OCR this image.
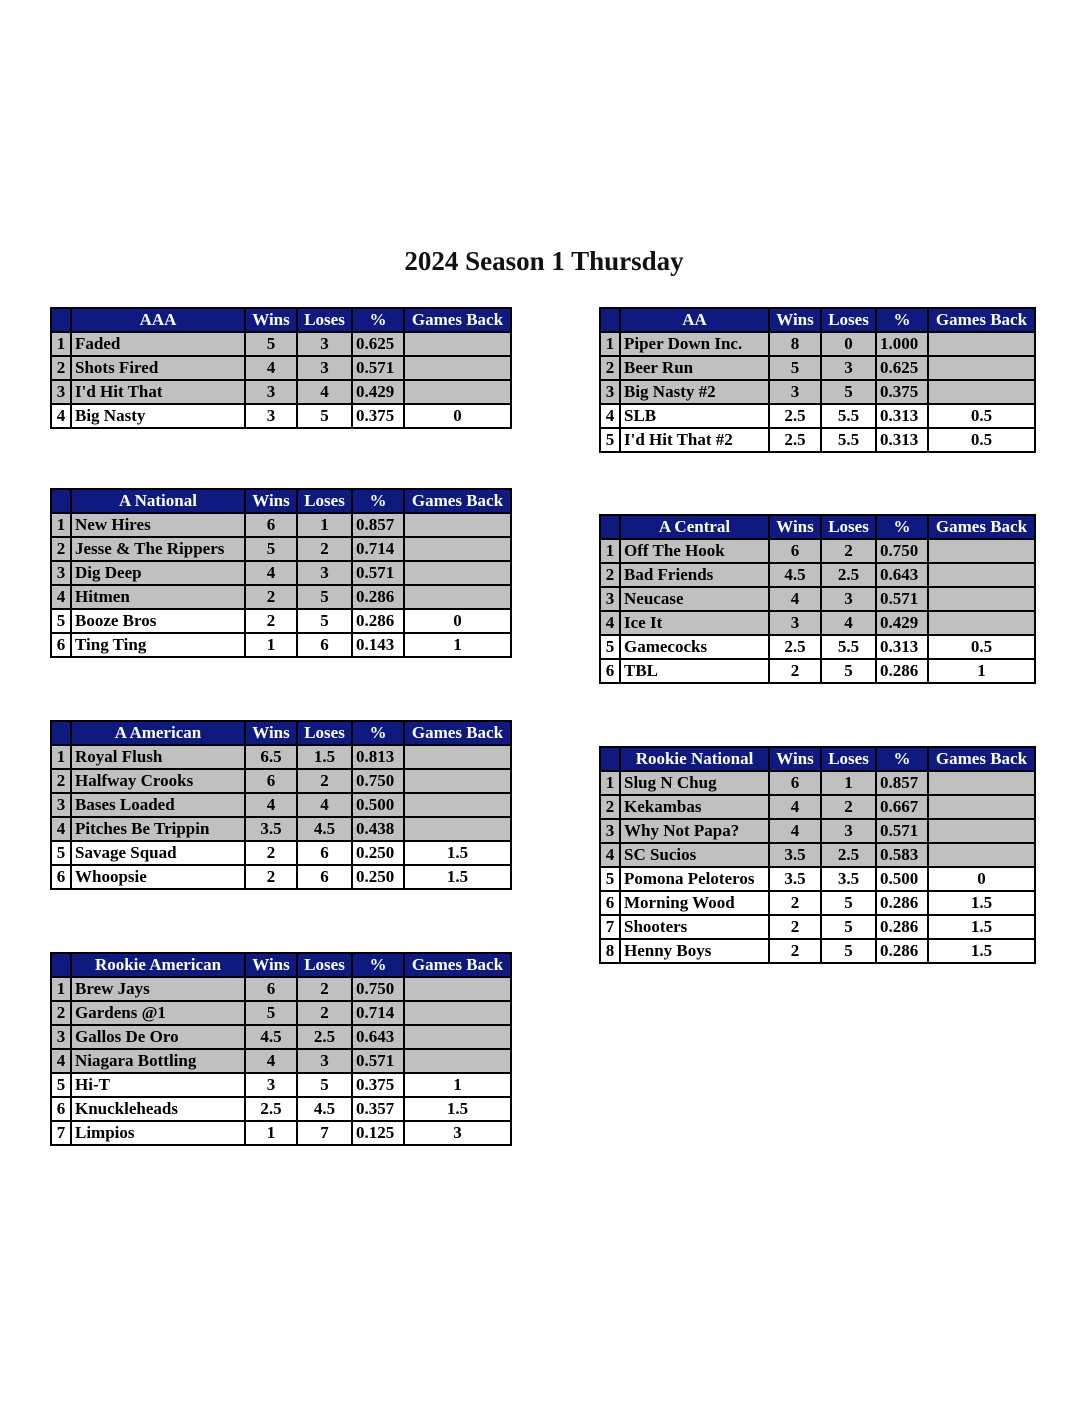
2024 Season 1 Thursday
	AAA	Wins	Loses	%	Games Back
1	Faded	5	3	0.625	
2	Shots Fired	4	3	0.571	
3	I'd Hit That	3	4	0.429	
4	Big Nasty	3	5	0.375	0
	A National	Wins	Loses	%	Games Back
1	New Hires	6	1	0.857	
2	Jesse & The Rippers	5	2	0.714	
3	Dig Deep	4	3	0.571	
4	Hitmen	2	5	0.286	
5	Booze Bros	2	5	0.286	0
6	Ting Ting	1	6	0.143	1
	A American	Wins	Loses	%	Games Back
1	Royal Flush	6.5	1.5	0.813	
2	Halfway Crooks	6	2	0.750	
3	Bases Loaded	4	4	0.500	
4	Pitches Be Trippin	3.5	4.5	0.438	
5	Savage Squad	2	6	0.250	1.5
6	Whoopsie	2	6	0.250	1.5
	Rookie American	Wins	Loses	%	Games Back
1	Brew Jays	6	2	0.750	
2	Gardens @1	5	2	0.714	
3	Gallos De Oro	4.5	2.5	0.643	
4	Niagara Bottling	4	3	0.571	
5	Hi-T	3	5	0.375	1
6	Knuckleheads	2.5	4.5	0.357	1.5
7	Limpios	1	7	0.125	3
	AA	Wins	Loses	%	Games Back
1	Piper Down Inc.	8	0	1.000	
2	Beer Run	5	3	0.625	
3	Big Nasty #2	3	5	0.375	
4	SLB	2.5	5.5	0.313	0.5
5	I'd Hit That #2	2.5	5.5	0.313	0.5
	A Central	Wins	Loses	%	Games Back
1	Off The Hook	6	2	0.750	
2	Bad Friends	4.5	2.5	0.643	
3	Neucase	4	3	0.571	
4	Ice It	3	4	0.429	
5	Gamecocks	2.5	5.5	0.313	0.5
6	TBL	2	5	0.286	1
	Rookie National	Wins	Loses	%	Games Back
1	Slug N Chug	6	1	0.857	
2	Kekambas	4	2	0.667	
3	Why Not Papa?	4	3	0.571	
4	SC Sucios	3.5	2.5	0.583	
5	Pomona Peloteros	3.5	3.5	0.500	0
6	Morning Wood	2	5	0.286	1.5
7	Shooters	2	5	0.286	1.5
8	Henny Boys	2	5	0.286	1.5
